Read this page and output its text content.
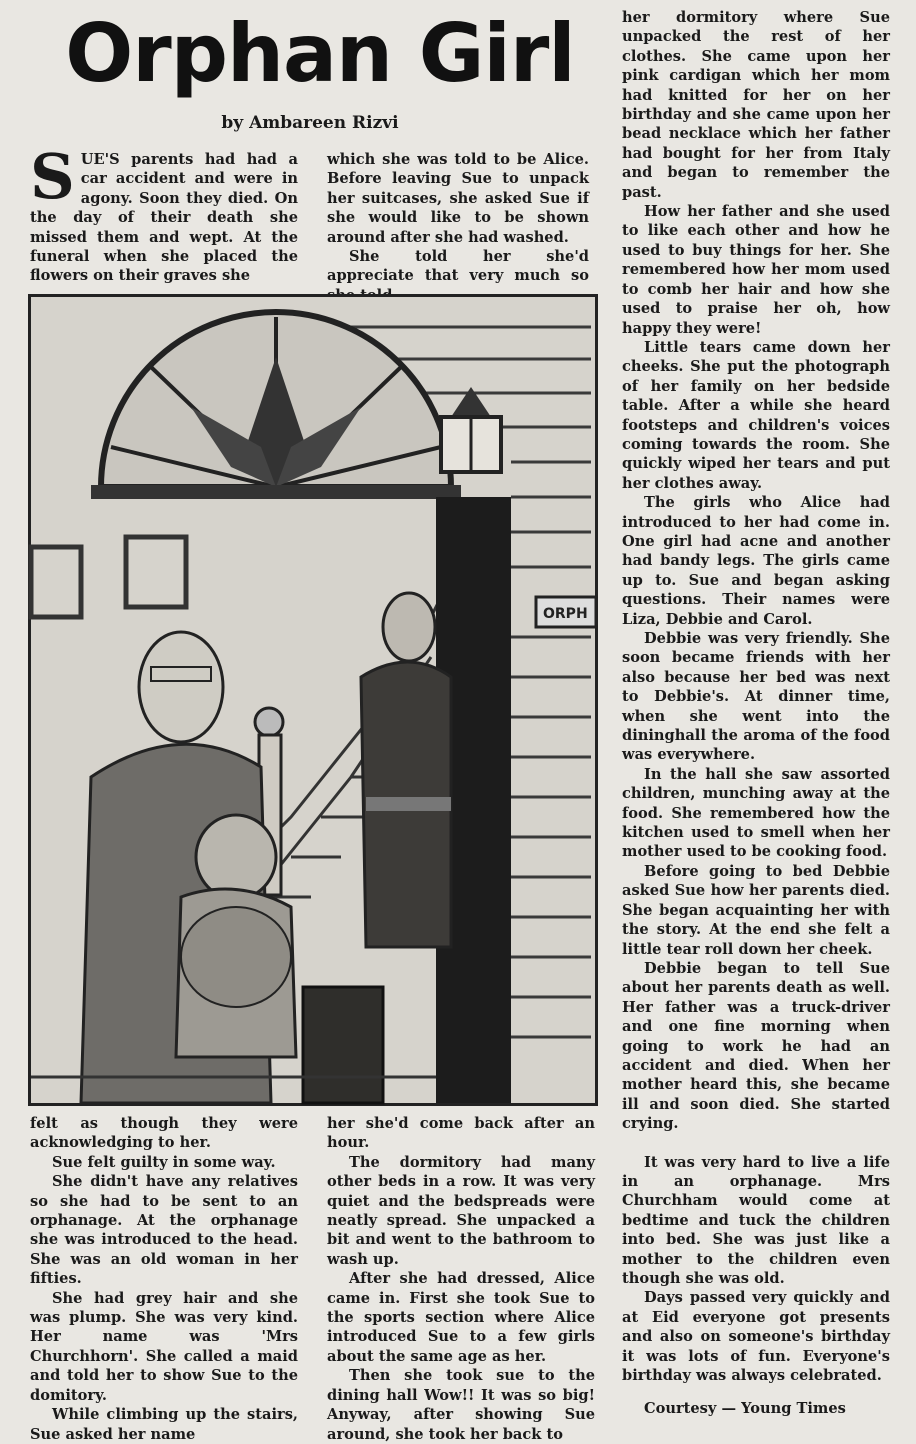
Orphan Girl
by Ambareen Rizvi

SUE'S parents had had a car accident and were in agony. Soon they died. On the day of their death she missed them and wept. At the funeral when she placed the flowers on their graves she

which she was told to be Alice. Before leaving Sue to unpack her suitcases, she asked Sue if she would like to be shown around after she had washed.

She told her she'd appreciate that very much so

ORPH

felt as though they were acknowledging to her.

Sue felt guilty in some way.

She didn't have any relatives so she had to be sent to an orphanage. At the orphanage she was introduced to the head. She was an old woman in her fifties.

She had grey hair and she was plump. She was very kind. Her name was 'Mrs Churchhorn'. She called a maid and told her to show Sue to the domitory.

While climbing up the stairs, Sue asked her name

her she'd come back after an hour.

The dormitory had many other beds in a row. It was very quiet and the bedspreads were neatly spread. She unpacked a bit and went to the bathroom to wash up.

After she had dressed, Alice came in. First she took Sue to the sports section where Alice introduced Sue to a few girls about the same age as her.

Then she took sue to the dining hall Wow!! It was so big! Anyway, after showing Sue around, she took her back to

her dormitory where Sue unpacked the rest of her clothes. She came upon her pink cardigan which her mom had knitted for her on her birthday and she came upon her bead necklace which her father had bought for her from Italy and began to remember the past.

How her father and she used to like each other and how he used to buy things for her. She remembered how her mom used to comb her hair and how she used to praise her oh, how happy they were!

Little tears came down her cheeks. She put the photograph of her family on her bedside table. After a while she heard footsteps and children's voices coming towards the room. She quickly wiped her tears and put her clothes away.

The girls who Alice had introduced to her had come in. One girl had acne and another had bandy legs. The girls came up to. Sue and began asking questions. Their names were Liza, Debbie and Carol.

Debbie was very friendly. She soon became friends with her also because her bed was next to Debbie's. At dinner time, when she went into the dininghall the aroma of the food was everywhere.

In the hall she saw assorted children, munching away at the food. She remembered how the kitchen used to smell when her mother used to be cooking food.

Before going to bed Debbie asked Sue how her parents died. She began acquainting her with the story. At the end she felt a little tear roll down her cheek.

Debbie began to tell Sue about her parents death as well. Her father was a truck-driver and one fine morning when going to work he had an accident and died. When her mother heard this, she became ill and soon died. She started crying.

It was very hard to live a life in an orphanage. Mrs Churchham would come at bedtime and tuck the children into bed. She was just like a mother to the children even though she was old.

Days passed very quickly and at Eid everyone got presents and also on someone's birthday it was lots of fun. Everyone's birthday was always celebrated.

Courtesy — Young Times
